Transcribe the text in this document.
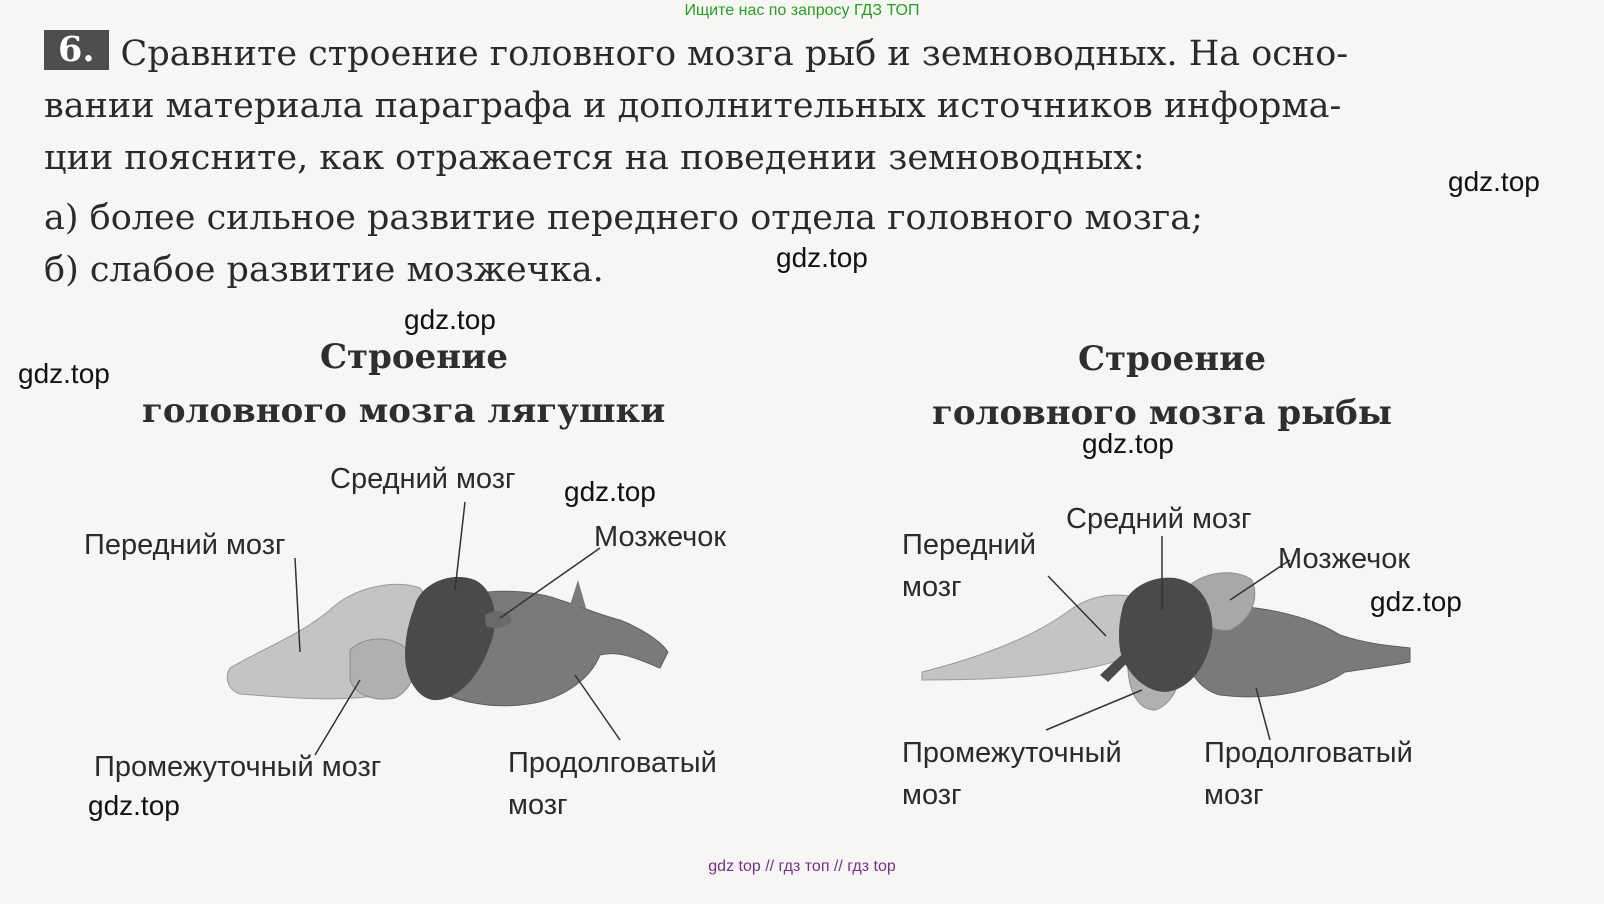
Ищите нас по запросу ГДЗ ТОП
6. Сравните строение головного мозга рыб и земноводных. На осно-
вании материала параграфа и дополнительных источников информа-
ции поясните, как отражается на поведении земноводных:
а) более сильное развитие переднего отдела головного мозга;
б) слабое развитие мозжечка.
Строение
головного мозга лягушки
Средний мозг
Передний мозг	Мозжечок
Промежуточный мозг	Продолговатый
мозг
Строение
головного мозга рыбы
Средний мозг
Передний
мозг
Мозжечок
Промежуточный
мозг
Продолговатый
мозг
gdz.top
gdz.top
gdz.top
gdz.top
gdz.top
gdz.top
gdz.top
gdz.top
gdz top // гдз топ // гдз top
